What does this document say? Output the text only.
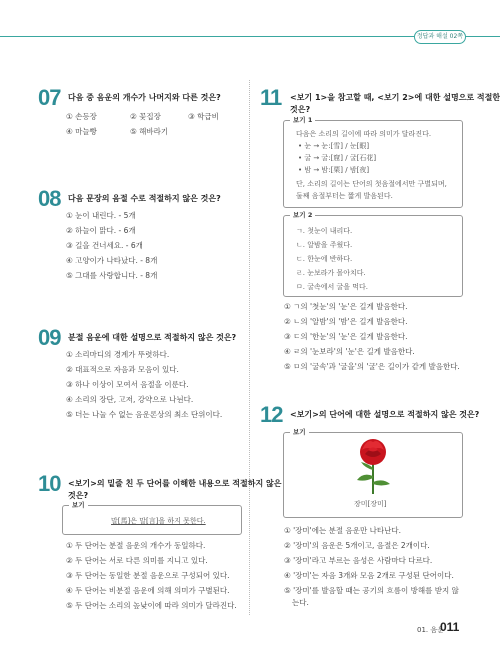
정답과 해설 02쪽
07 다음 중 음운의 개수가 나머지와 다른 것은?
① 손등장	② 꽃집장	③ 학급비
④ 마늘빵	⑤ 해바라기
08 다음 문장의 음절 수로 적절하지 않은 것은?
① 눈이 내린다. - 5개
② 하늘이 맑다. - 6개
③ 길을 건너세요. - 6개
④ 고양이가 나타났다. - 8개
⑤ 그대를 사랑합니다. - 8개
09 분절 음운에 대한 설명으로 적절하지 않은 것은?
① 소리마디의 경계가 뚜렷하다.
② 대표적으로 자음과 모음이 있다.
③ 하나 이상이 모여서 음절을 이룬다.
④ 소리의 장단, 고저, 강약으로 나뉜다.
⑤ 더는 나눌 수 없는 음운론상의 최소 단위이다.
10 <보기>의 밑줄 친 두 단어를 이해한 내용으로 적절하지 않은
것은?
보기
말[馬]은 말[言]을 하지 못한다.
① 두 단어는 분절 음운의 개수가 동일하다.
② 두 단어는 서로 다른 의미를 지니고 있다.
③ 두 단어는 동일한 분절 음운으로 구성되어 있다.
④ 두 단어는 비분절 음운에 의해 의미가 구별된다.
⑤ 두 단어는 소리의 높낮이에 따라 의미가 달라진다.
11 <보기 1>을 참고할 때, <보기 2>에 대한 설명으로 적절한
것은?
보기 1
다음은 소리의 길이에 따라 의미가 달라진다.
• 눈 → 눈:[雪] / 눈[眼]
• 굴 → 굴:[窟] / 굴[石花]
• 밤 → 밤:[栗] / 밤[夜]
단, 소리의 길이는 단어의 첫음절에서만 구별되며,
둘째 음절부터는 짧게 발음된다.
보기 2
ㄱ. 첫눈이 내리다.
ㄴ. 알밤을 주웠다.
ㄷ. 한눈에 반하다.
ㄹ. 눈보라가 몰아치다.
ㅁ. 굴속에서 굴을 먹다.
① ㄱ의 '첫눈'의 '눈'은 길게 발음한다.
② ㄴ의 '알밤'의 '밤'은 길게 발음한다.
③ ㄷ의 '한눈'의 '눈'은 길게 발음한다.
④ ㄹ의 '눈보라'의 '눈'은 길게 발음한다.
⑤ ㅁ의 '굴속'과 '굴을'의 '굴'은 길이가 같게 발음한다.
12 <보기>의 단어에 대한 설명으로 적절하지 않은 것은?
보기
장미[장미]
① '장미'에는 분절 음운만 나타난다.
② '장미'의 음운은 5개이고, 음절은 2개이다.
③ '장미'라고 부르는 음성은 사람마다 다르다.
④ '장미'는 자음 3개와 모음 2개로 구성된 단어이다.
⑤ '장미'를 발음할 때는 공기의 흐름이 방해를 받지 않
는다.
01. 음운
011
